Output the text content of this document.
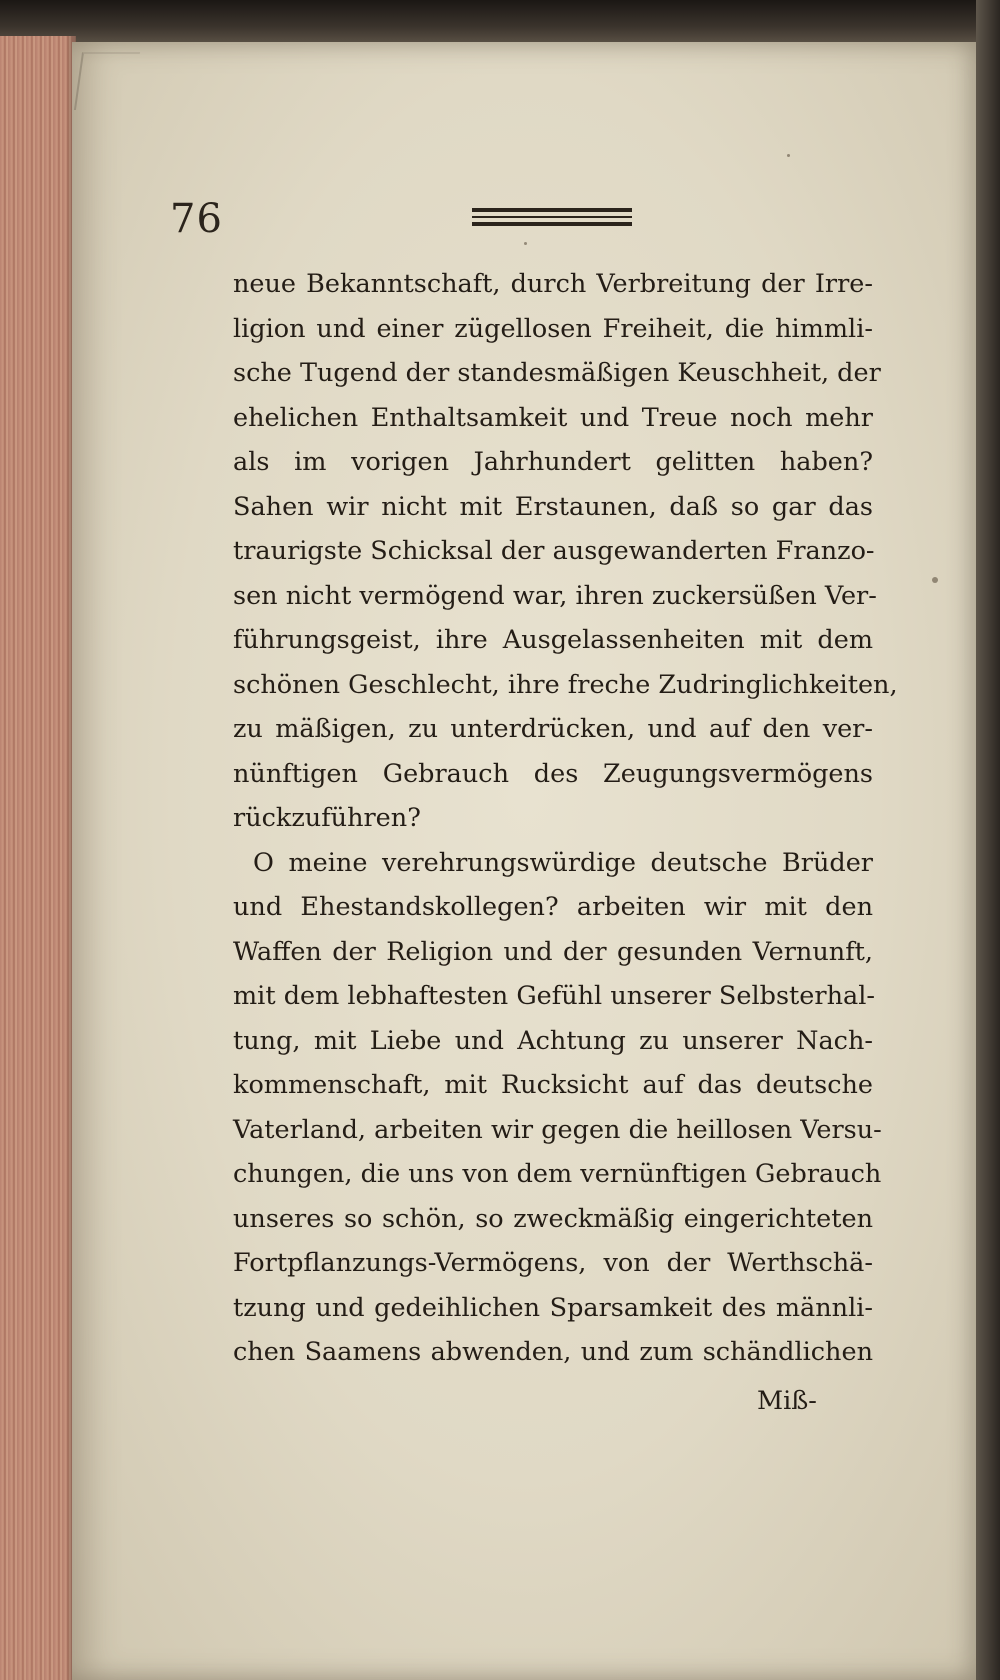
76
neue Bekanntschaft, durch Verbreitung der Irre-
ligion und einer zügellosen Freiheit, die himmli-
sche Tugend der standesmäßigen Keuschheit, der
ehelichen Enthaltsamkeit und Treue noch mehr
als im vorigen Jahrhundert gelitten haben?
Sahen wir nicht mit Erstaunen, daß so gar das
traurigste Schicksal der ausgewanderten Franzo-
sen nicht vermögend war, ihren zuckersüßen Ver-
führungsgeist, ihre Ausgelassenheiten mit dem
schönen Geschlecht, ihre freche Zudringlichkeiten,
zu mäßigen, zu unterdrücken, und auf den ver-
nünftigen Gebrauch des Zeugungsvermögens
rückzuführen?
O meine verehrungswürdige deutsche Brüder
und Ehestandskollegen? arbeiten wir mit den
Waffen der Religion und der gesunden Vernunft,
mit dem lebhaftesten Gefühl unserer Selbsterhal-
tung, mit Liebe und Achtung zu unserer Nach-
kommenschaft, mit Rucksicht auf das deutsche
Vaterland, arbeiten wir gegen die heillosen Versu-
chungen, die uns von dem vernünftigen Gebrauch
unseres so schön, so zweckmäßig eingerichteten
Fortpflanzungs-Vermögens, von der Werthschä-
tzung und gedeihlichen Sparsamkeit des männli-
chen Saamens abwenden, und zum schändlichen
Miß-
